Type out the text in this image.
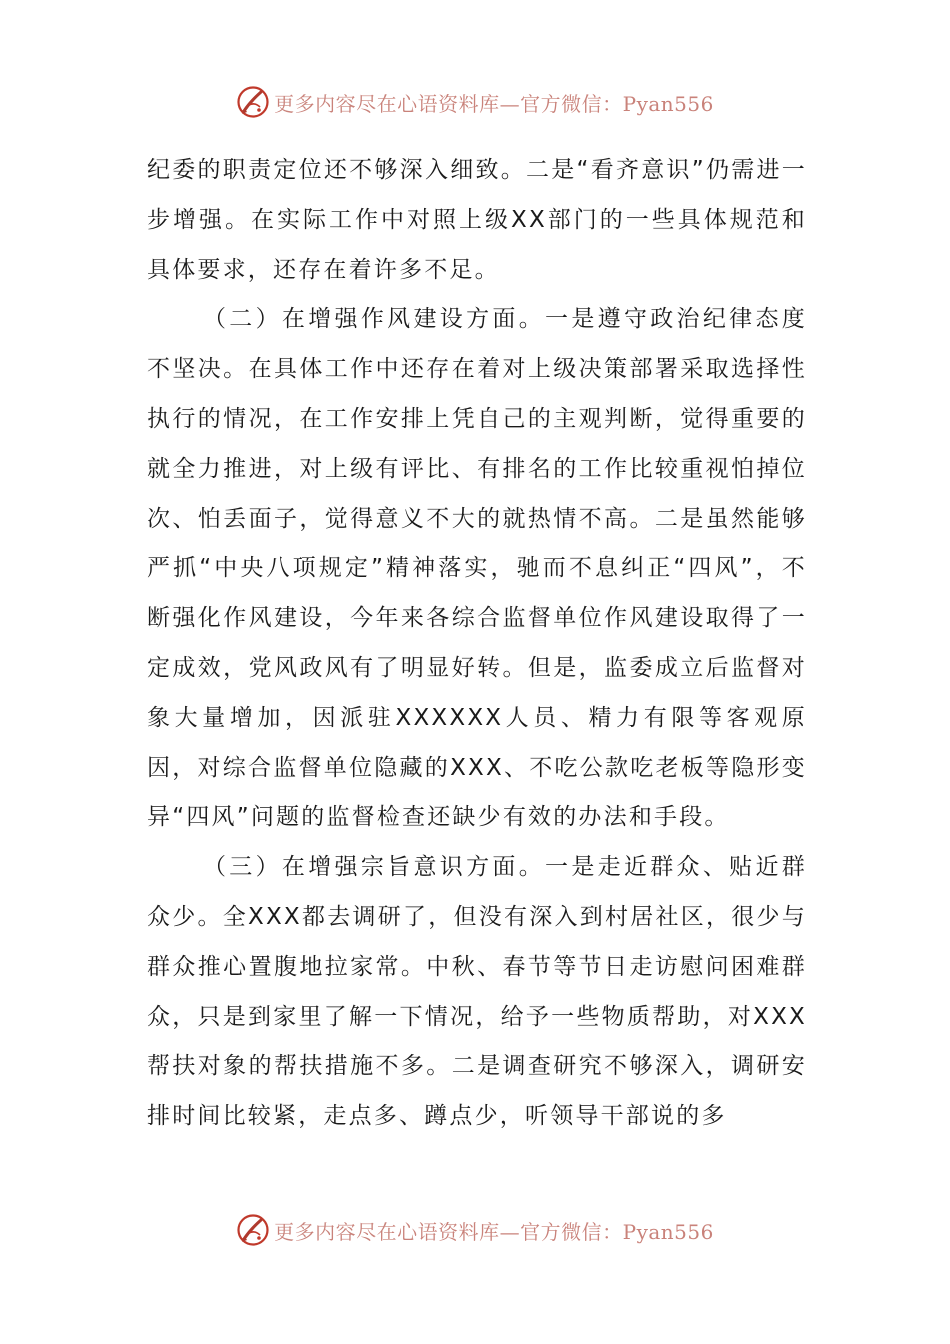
更多内容尽在心语资料库—官方微信：Pyan556

纪委的职责定位还不够深入细致。二是“看齐意识”仍需进一步增强。在实际工作中对照上级XX部门的一些具体规范和具体要求，还存在着许多不足。

（二）在增强作风建设方面。一是遵守政治纪律态度不坚决。在具体工作中还存在着对上级决策部署采取选择性执行的情况，在工作安排上凭自己的主观判断，觉得重要的就全力推进，对上级有评比、有排名的工作比较重视怕掉位次、怕丢面子，觉得意义不大的就热情不高。二是虽然能够严抓“中央八项规定”精神落实，驰而不息纠正“四风”，不断强化作风建设，今年来各综合监督单位作风建设取得了一定成效，党风政风有了明显好转。但是，监委成立后监督对象大量增加，因派驻XXXXXX人员、精力有限等客观原因，对综合监督单位隐藏的XXX、不吃公款吃老板等隐形变异“四风”问题的监督检查还缺少有效的办法和手段。

（三）在增强宗旨意识方面。一是走近群众、贴近群众少。全XXX都去调研了，但没有深入到村居社区，很少与群众推心置腹地拉家常。中秋、春节等节日走访慰问困难群众，只是到家里了解一下情况，给予一些物质帮助，对XXX帮扶对象的帮扶措施不多。二是调查研究不够深入，调研安排时间比较紧，走点多、蹲点少，听领导干部说的多

更多内容尽在心语资料库—官方微信：Pyan556
